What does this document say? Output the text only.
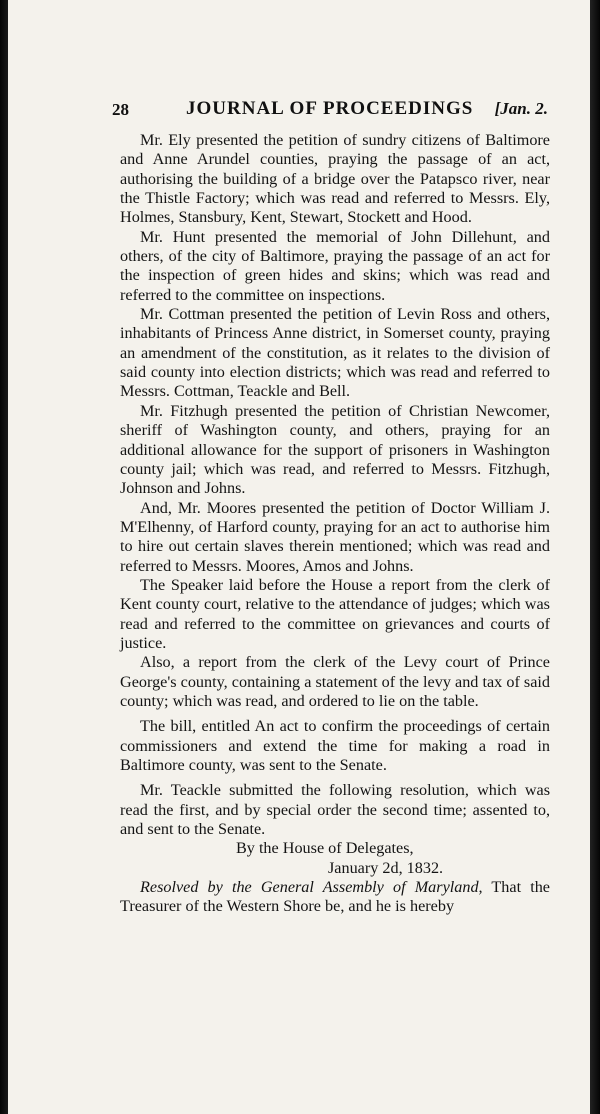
28	JOURNAL OF PROCEEDINGS [Jan. 2.

Mr. Ely presented the petition of sundry citizens of Baltimore and Anne Arundel counties, praying the passage of an act, authorising the building of a bridge over the Patapsco river, near the Thistle Factory; which was read and referred to Messrs. Ely, Holmes, Stansbury, Kent, Stewart, Stockett and Hood.

Mr. Hunt presented the memorial of John Dillehunt, and others, of the city of Baltimore, praying the passage of an act for the inspection of green hides and skins; which was read and referred to the committee on inspections.

Mr. Cottman presented the petition of Levin Ross and others, inhabitants of Princess Anne district, in Somerset county, praying an amendment of the constitution, as it relates to the division of said county into election districts; which was read and referred to Messrs. Cottman, Teackle and Bell.

Mr. Fitzhugh presented the petition of Christian Newcomer, sheriff of Washington county, and others, praying for an additional allowance for the support of prisoners in Washington county jail; which was read, and referred to Messrs. Fitzhugh, Johnson and Johns.

And, Mr. Moores presented the petition of Doctor William J. M'Elhenny, of Harford county, praying for an act to authorise him to hire out certain slaves therein mentioned; which was read and referred to Messrs. Moores, Amos and Johns.

The Speaker laid before the House a report from the clerk of Kent county court, relative to the attendance of judges; which was read and referred to the committee on grievances and courts of justice.

Also, a report from the clerk of the Levy court of Prince George's county, containing a statement of the levy and tax of said county; which was read, and ordered to lie on the table.

The bill, entitled An act to confirm the proceedings of certain commissioners and extend the time for making a road in Baltimore county, was sent to the Senate.

Mr. Teackle submitted the following resolution, which was read the first, and by special order the second time; assented to, and sent to the Senate.

By the House of Delegates,

January 2d, 1832.

Resolved by the General Assembly of Maryland, That the Treasurer of the Western Shore be, and he is hereby
